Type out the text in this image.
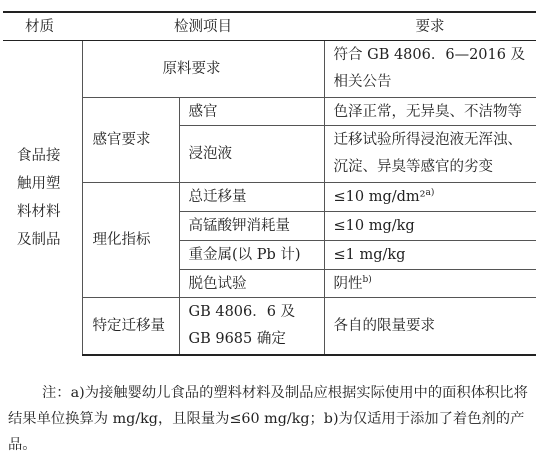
材质	检测项目		要求
食品接触用塑料材料及制品	原料要求		符合 GB 4806．6—2016 及相关公告
	感官要求	感官	色泽正常，无异臭、不洁物等
		浸泡液	迁移试验所得浸泡液无浑浊、沉淀、异臭等感官的劣变
	理化指标	总迁移量	≤10 mg/dm²$^{a)}$
		高锰酸钾消耗量	≤10 mg/kg
		重金属(以 Pb 计)	≤1 mg/kg
		脱色试验	阴性$^{b)}$
	特定迁移量	GB 4806．6 及 GB 9685 确定	各自的限量要求

注：a)为接触婴幼儿食品的塑料材料及制品应根据实际使用中的面积体积比将结果单位换算为 mg/kg，且限量为≤60 mg/kg；b)为仅适用于添加了着色剂的产品。
